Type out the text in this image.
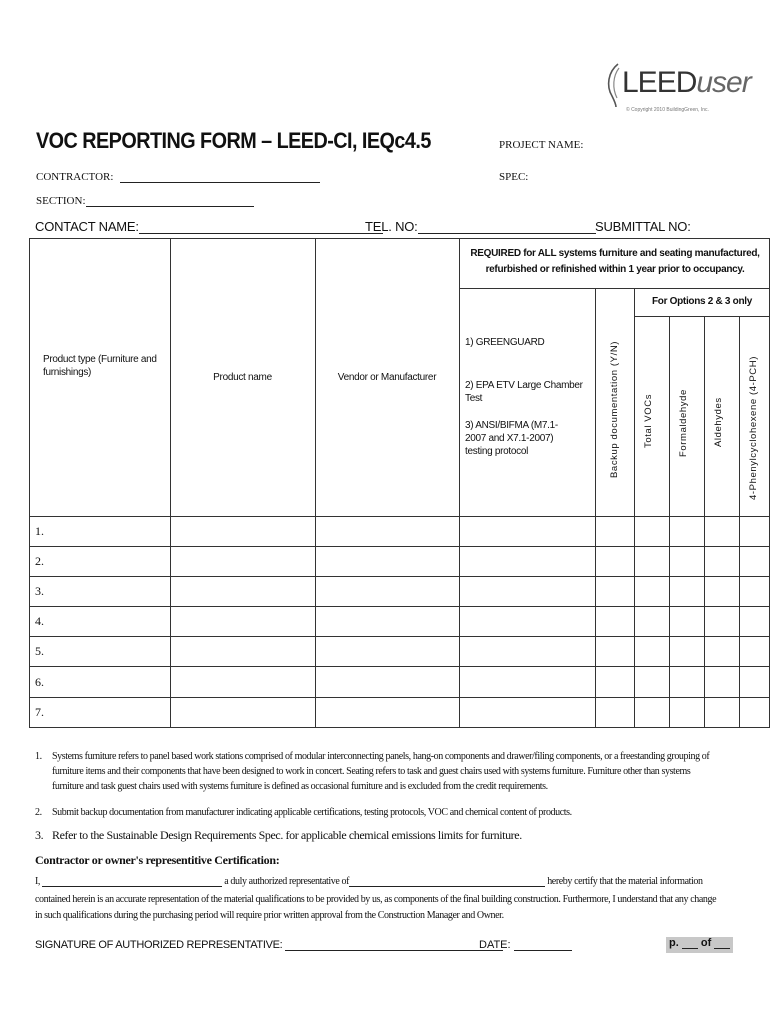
LEEDuser
© Copyright 2010 BuildingGreen, Inc.
VOC REPORTING FORM – LEED-CI, IEQc4.5	PROJECT NAME:
CONTRACTOR:	SPEC:
SECTION:
CONTACT NAME:	TEL. NO:	SUBMITTAL NO:
Product type (Furniture and furnishings)	Product name	Vendor or Manufacturer
REQUIRED for ALL systems furniture and seating manufactured, refurbished or refinished within 1 year prior to occupancy.
For Options 2 & 3 only
1) GREENGUARD
2) EPA ETV Large Chamber Test
3) ANSI/BIFMA (M7.1-2007 and X7.1-2007) testing protocol	Backup documentation (Y/N) Total VOCs	Formaldehyde	Aldehydes	4-Phenylcyclohexene (4-PCH)
1.
2.
3.
4.
5.
6.
7.
1. Systems furniture refers to panel based work stations comprised of modular interconnecting panels, hang-on components and drawer/filing components, or a freestanding grouping of furniture items and their components that have been designed to work in concert. Seating refers to task and guest chairs used with systems furniture. Furniture other than systems furniture and task guest chairs used with systems furniture is defined as occasional furniture and is excluded from the credit requirements.
2. Submit backup documentation from manufacturer indicating applicable certifications, testing protocols, VOC and chemical content of products.
3. Refer to the Sustainable Design Requirements Spec. for applicable chemical emissions limits for furniture.
Contractor or owner's representitive Certification:
I,	a duly authorized representative of	hereby certify that the material information
contained herein is an accurate representation of the material qualifications to be provided by us, as components of the final building construction. Furthermore, I understand that any change in such qualifications during the purchasing period will require prior written approval from the Construction Manager and Owner.
SIGNATURE OF AUTHORIZED REPRESENTATIVE:	DATE:	p. of
